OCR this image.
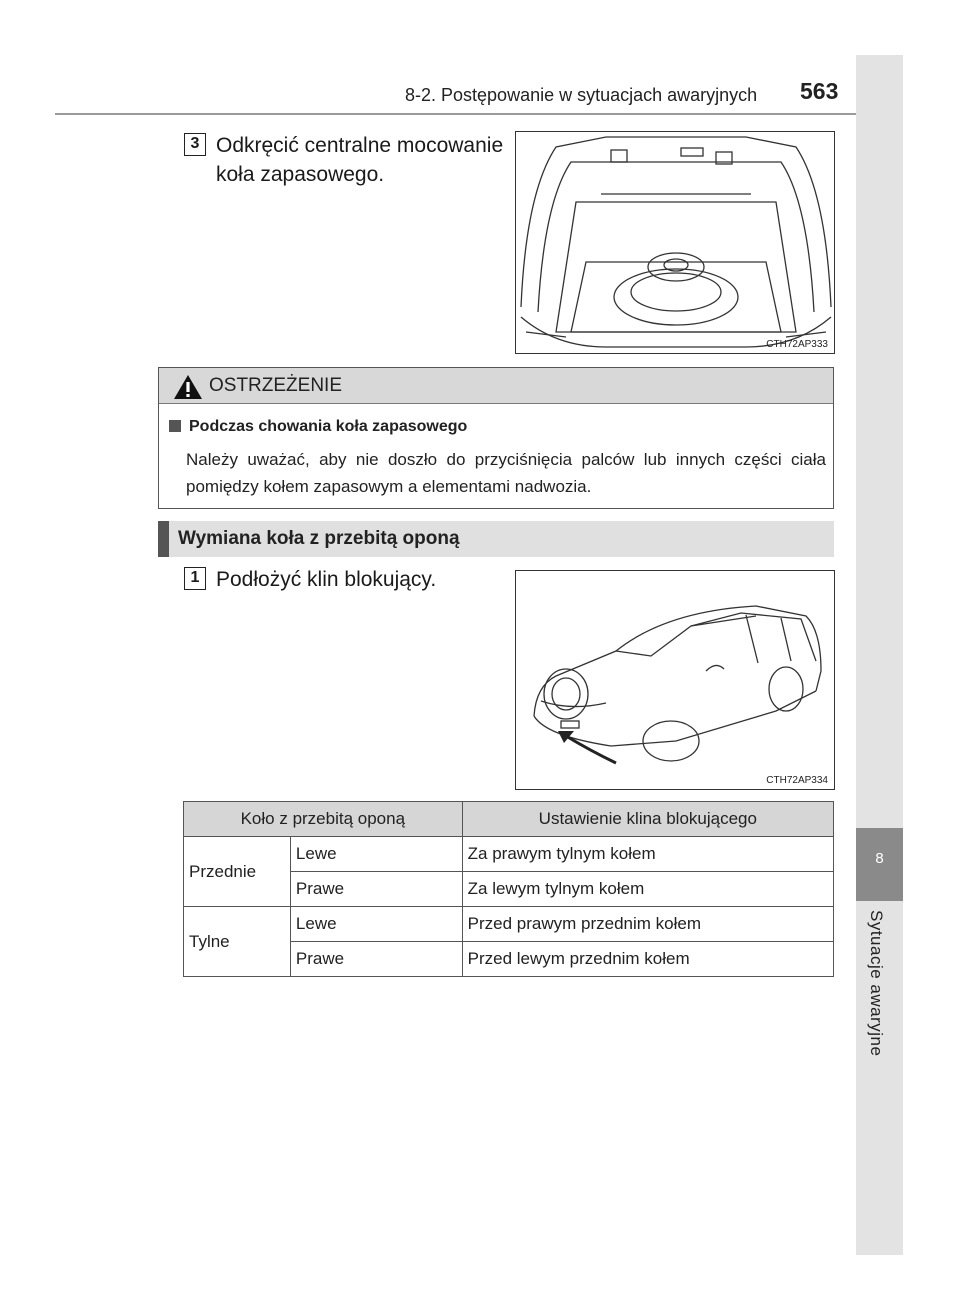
8
Sytuacje awaryjne
8-2. Postępowanie w sytuacjach awaryjnych 563
3 Odkręcić centralne mocowanie
koła zapasowego.
CTH72AP333
OSTRZEŻENIE
Podczas chowania koła zapasowego
Należy uważać, aby nie doszło do przyciśnięcia palców lub innych części ciała pomiędzy kołem zapasowym a elementami nadwozia.
Wymiana koła z przebitą oponą
1 Podłożyć klin blokujący.
CTH72AP334
Koło z przebitą oponą		Ustawienie klina blokującego
Przednie	Lewe	Za prawym tylnym kołem
	Prawe	Za lewym tylnym kołem
Tylne	Lewe	Przed prawym przednim kołem
	Prawe	Przed lewym przednim kołem
